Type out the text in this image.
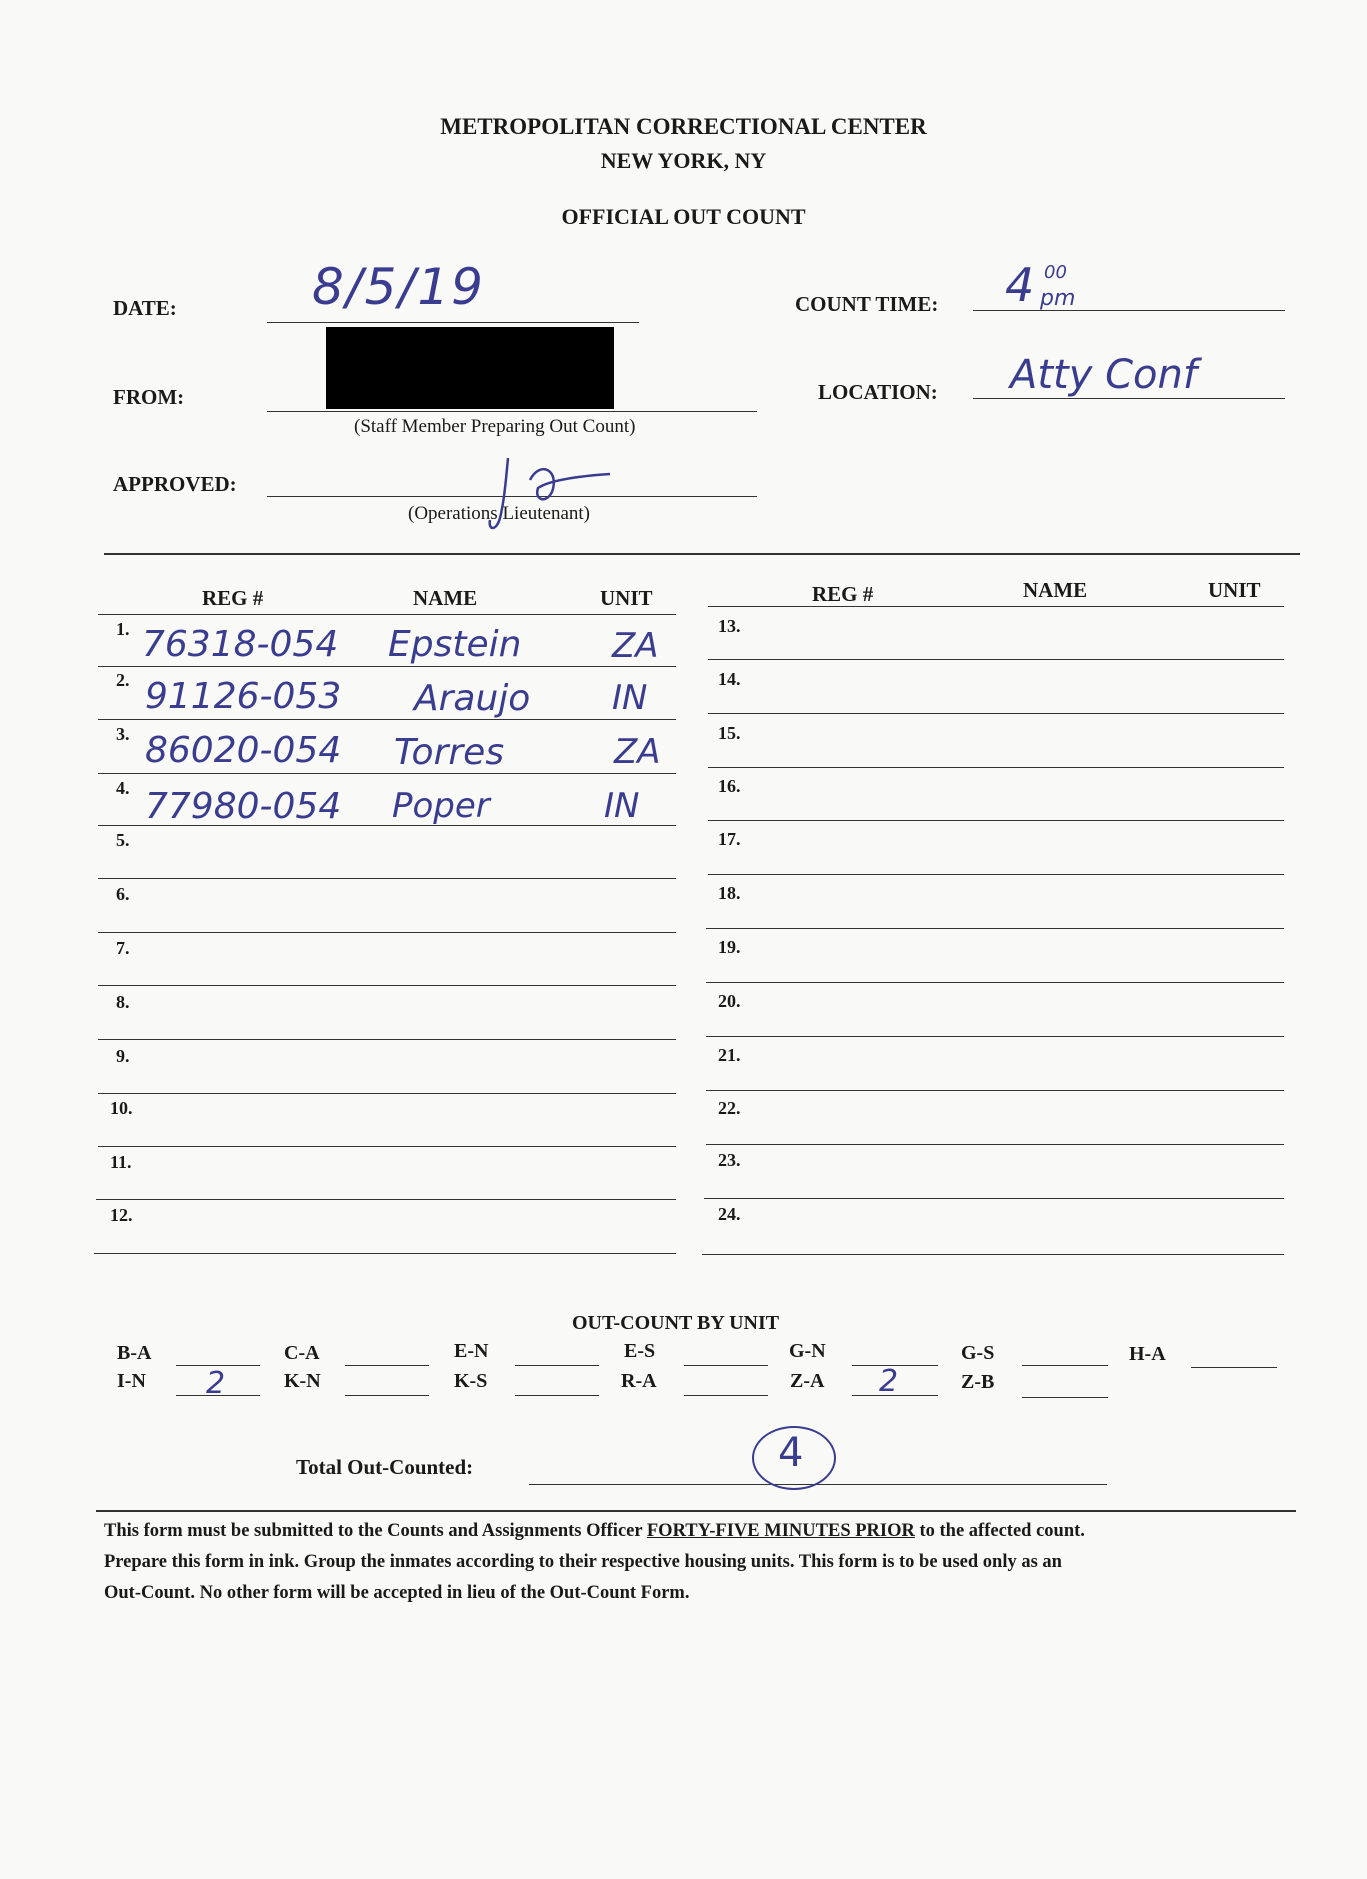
METROPOLITAN CORRECTIONAL CENTER
NEW YORK, NY
OFFICIAL OUT COUNT
DATE:	8/5/19	COUNT TIME: 4 00
pm
FROM:
(Staff Member Preparing Out Count)
LOCATION: Atty Conf
APPROVED:
(Operations Lieutenant)
REG #	NAME	UNIT	REG #	NAME	UNIT
1. 76318-054 Epstein	ZA
2. 91126-053 Araujo IN
3. 86020-054 Torres	ZA
4. 77980-054 Poper	IN
5.
6.
7.
8.
9.
10.
11.
12.
13.
14.
15.
16.
17.
18.
19.
20.
21.
22.
23.
24.
OUT-COUNT BY UNIT
B-A	C-A	E-N	E-S	G-N	G-S	H-A
I-N 2	K-N	K-S	R-A	Z-A 2	Z-B
Total Out-Counted:	4
This form must be submitted to the Counts and Assignments Officer FORTY-FIVE MINUTES PRIOR to the affected count.
Prepare this form in ink. Group the inmates according to their respective housing units. This form is to be used only as an
Out-Count. No other form will be accepted in lieu of the Out-Count Form.
